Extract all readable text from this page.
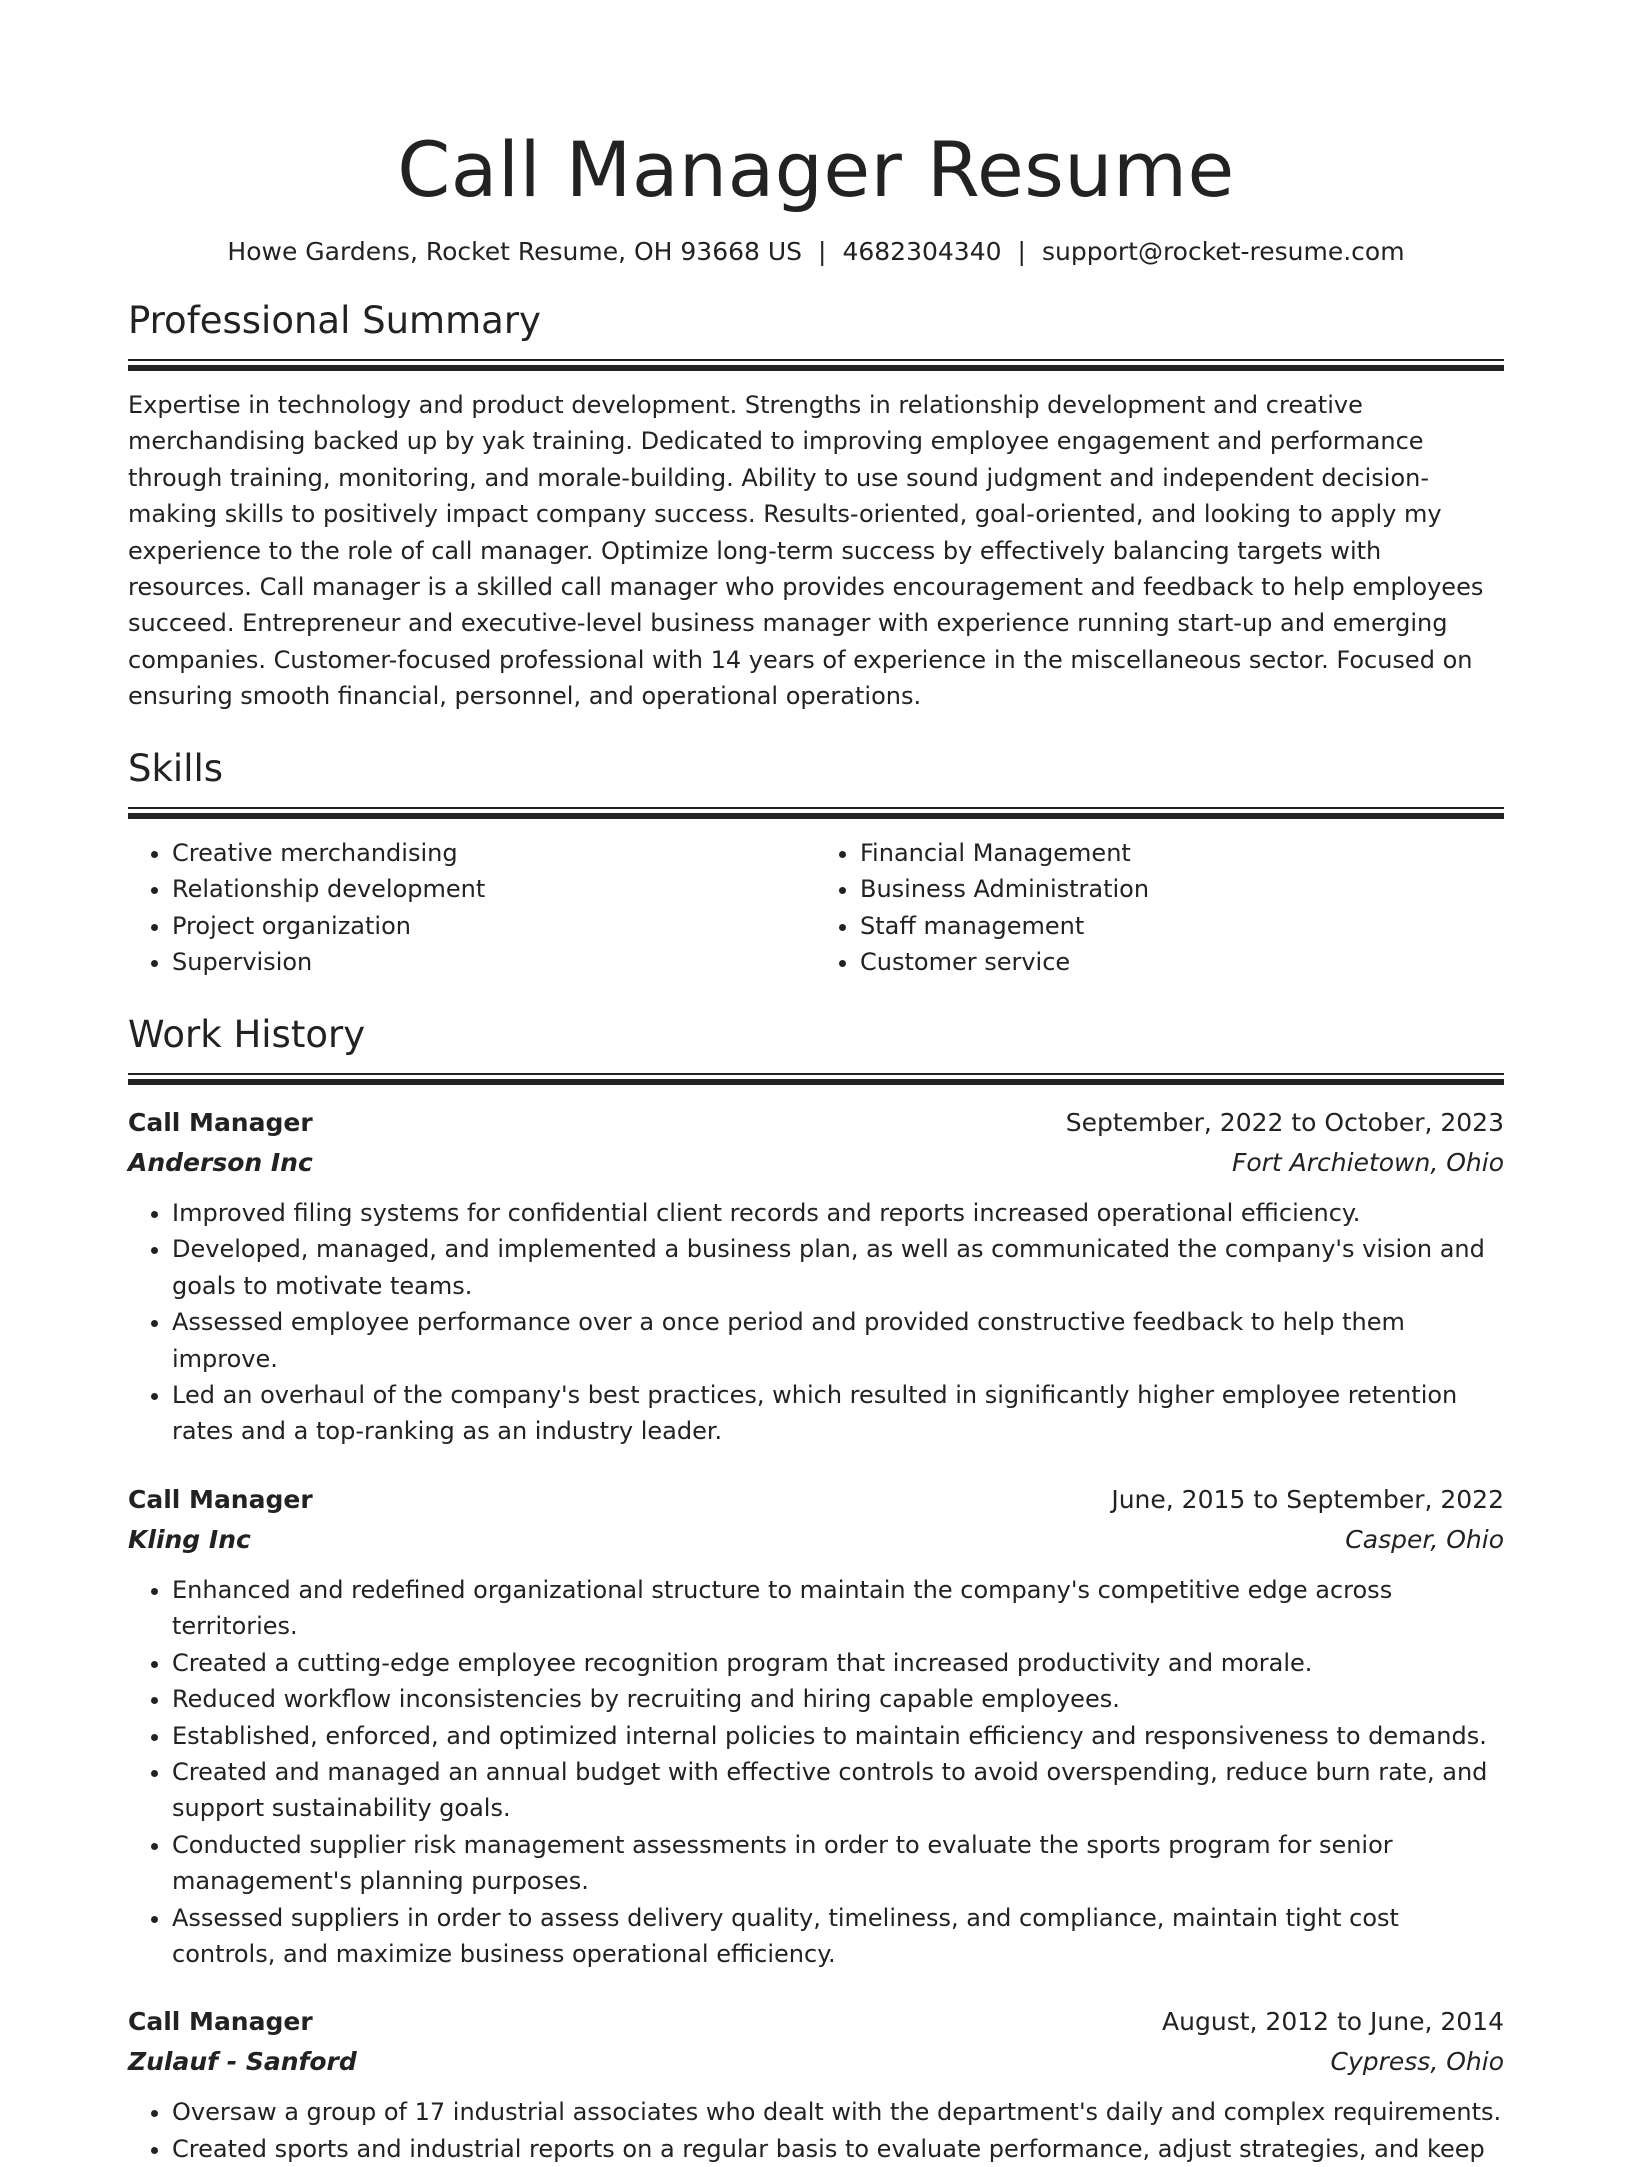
Call Manager Resume
Howe Gardens, Rocket Resume, OH 93668 US | 4682304340 | support@rocket-resume.com
Professional Summary
Expertise in technology and product development. Strengths in relationship development and creative merchandising backed up by yak training. Dedicated to improving employee engagement and performance through training, monitoring, and morale-building. Ability to use sound judgment and independent decision-making skills to positively impact company success. Results-oriented, goal-oriented, and looking to apply my experience to the role of call manager. Optimize long-term success by effectively balancing targets with resources. Call manager is a skilled call manager who provides encouragement and feedback to help employees succeed. Entrepreneur and executive-level business manager with experience running start-up and emerging companies. Customer-focused professional with 14 years of experience in the miscellaneous sector. Focused on ensuring smooth financial, personnel, and operational operations.
Skills
• Creative merchandising
• Relationship development
• Project organization
• Supervision
• Financial Management
• Business Administration
• Staff management
• Customer service
Work History
Call Manager	September, 2022 to October, 2023
Anderson Inc	Fort Archietown, Ohio
• Improved filing systems for confidential client records and reports increased operational efficiency.
• Developed, managed, and implemented a business plan, as well as communicated the company's vision and goals to motivate teams.
• Assessed employee performance over a once period and provided constructive feedback to help them improve.
• Led an overhaul of the company's best practices, which resulted in significantly higher employee retention rates and a top-ranking as an industry leader.
Call Manager	June, 2015 to September, 2022
Kling Inc	Casper, Ohio
• Enhanced and redefined organizational structure to maintain the company's competitive edge across territories.
• Created a cutting-edge employee recognition program that increased productivity and morale.
• Reduced workflow inconsistencies by recruiting and hiring capable employees.
• Established, enforced, and optimized internal policies to maintain efficiency and responsiveness to demands.
• Created and managed an annual budget with effective controls to avoid overspending, reduce burn rate, and support sustainability goals.
• Conducted supplier risk management assessments in order to evaluate the sports program for senior management's planning purposes.
• Assessed suppliers in order to assess delivery quality, timeliness, and compliance, maintain tight cost controls, and maximize business operational efficiency.
Call Manager	August, 2012 to June, 2014
Zulauf - Sanford	Cypress, Ohio
• Oversaw a group of 17 industrial associates who dealt with the department's daily and complex requirements.
• Created sports and industrial reports on a regular basis to evaluate performance, adjust strategies, and keep
